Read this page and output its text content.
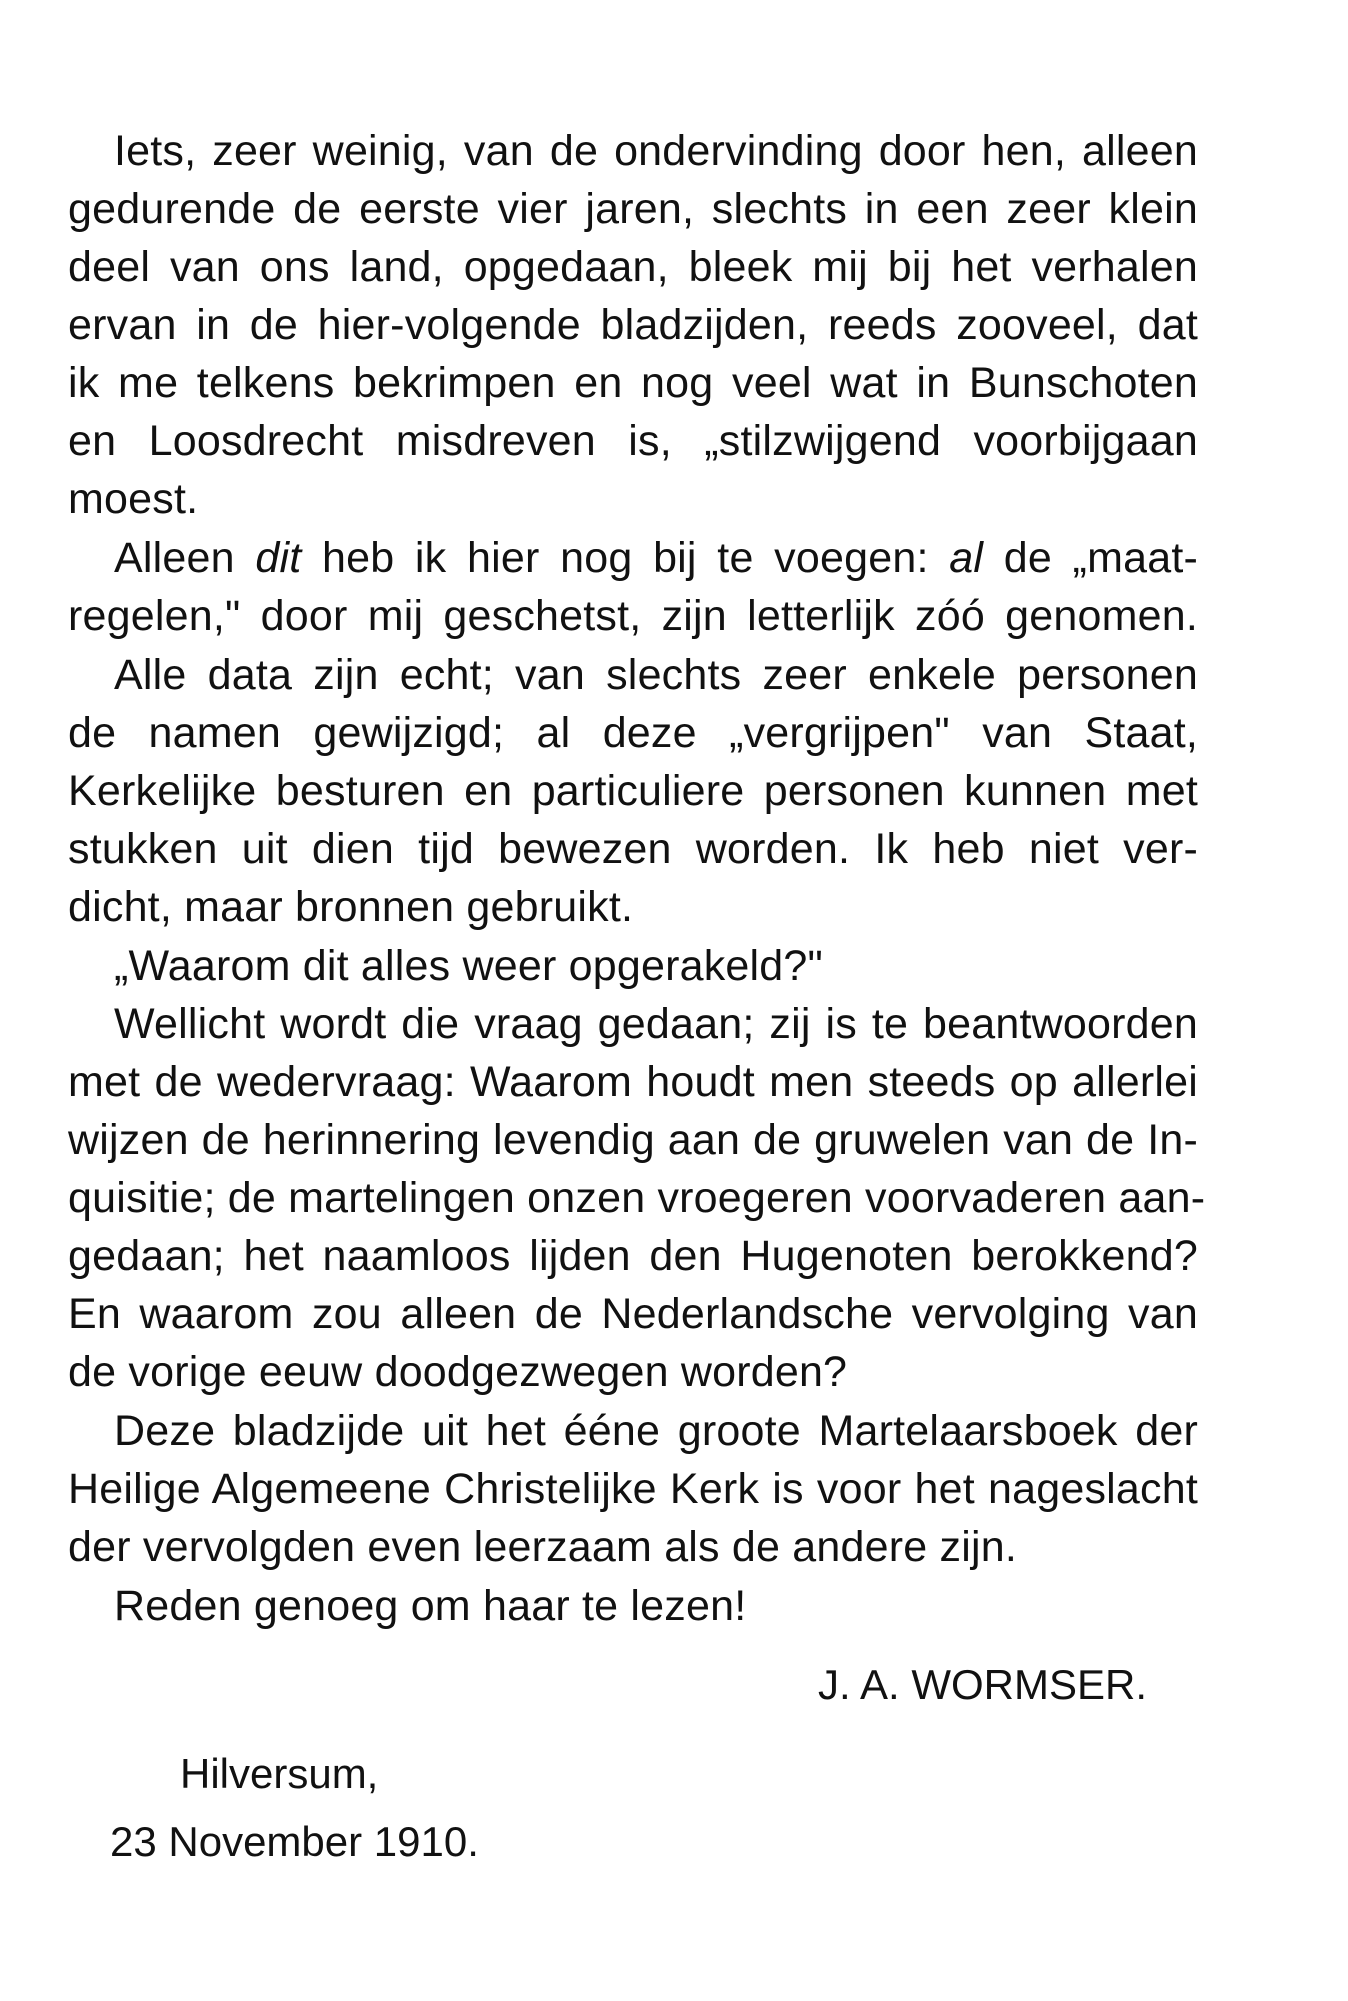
Iets, zeer weinig, van de ondervinding door hen, alleen
gedurende de eerste vier jaren, slechts in een zeer klein
deel van ons land, opgedaan, bleek mij bij het verhalen
ervan in de hier-volgende bladzijden, reeds zooveel, dat
ik me telkens bekrimpen en nog veel wat in Bunschoten
en Loosdrecht misdreven is, „stilzwijgend voorbijgaan
moest.
Alleen dit heb ik hier nog bij te voegen: al de „maat-
regelen," door mij geschetst, zijn letterlijk zóó genomen.
Alle data zijn echt; van slechts zeer enkele personen
de namen gewijzigd; al deze „vergrijpen" van Staat,
Kerkelijke besturen en particuliere personen kunnen met
stukken uit dien tijd bewezen worden. Ik heb niet ver-
dicht, maar bronnen gebruikt.
„Waarom dit alles weer opgerakeld?"
Wellicht wordt die vraag gedaan; zij is te beantwoorden
met de wedervraag: Waarom houdt men steeds op allerlei
wijzen de herinnering levendig aan de gruwelen van de In-
quisitie; de martelingen onzen vroegeren voorvaderen aan-
gedaan; het naamloos lijden den Hugenoten berokkend?
En waarom zou alleen de Nederlandsche vervolging van
de vorige eeuw doodgezwegen worden?
Deze bladzijde uit het ééne groote Martelaarsboek der
Heilige Algemeene Christelijke Kerk is voor het nageslacht
der vervolgden even leerzaam als de andere zijn.
Reden genoeg om haar te lezen!
J. A. WORMSER.
Hilversum,
23 November 1910.
